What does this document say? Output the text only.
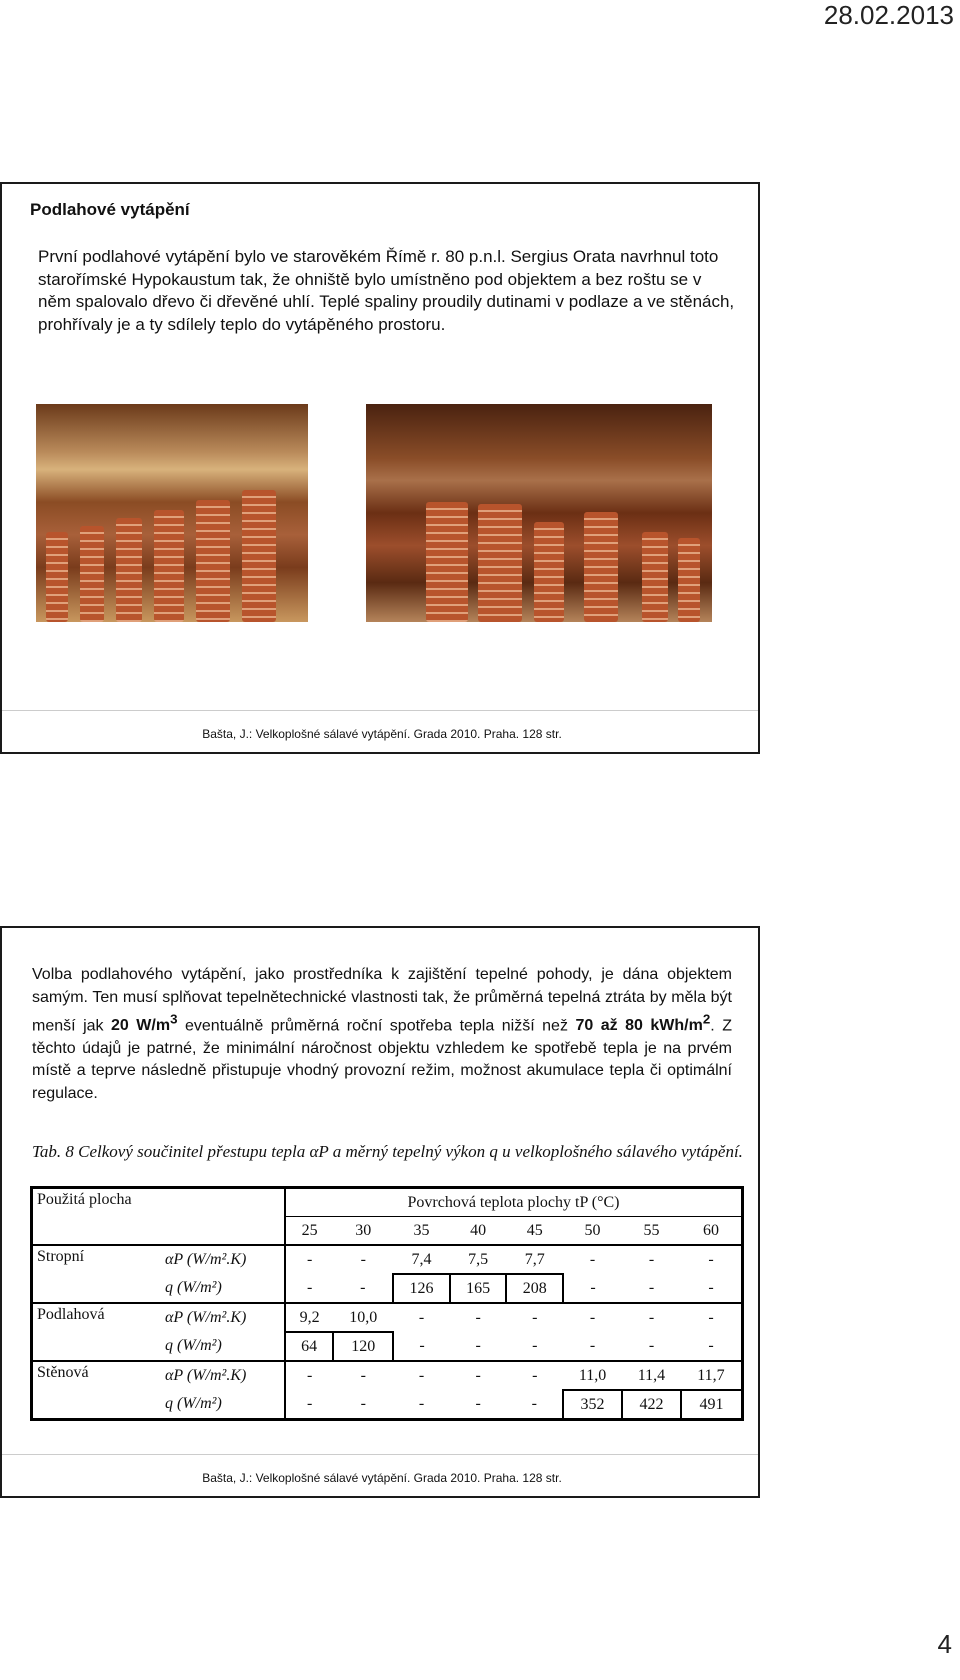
28.02.2013
Podlahové vytápění
První podlahové vytápění bylo ve starověkém Římě r. 80 p.n.l. Sergius Orata navrhnul toto starořímské Hypokaustum tak, že ohniště bylo umístněno pod objektem a bez roštu se v něm spalovalo dřevo či dřevěné uhlí. Teplé spaliny proudily dutinami v podlaze a ve stěnách, prohřívaly je a ty sdílely teplo do vytápěného prostoru.
Bašta, J.: Velkoplošné sálavé vytápění. Grada 2010. Praha. 128 str.
Volba podlahového vytápění, jako prostředníka k zajištění tepelné pohody, je dána objektem samým. Ten musí splňovat tepelnětechnické vlastnosti tak, že průměrná tepelná ztráta by měla být menší jak 20 $W/m^3$ eventuálně průměrná roční spotřeba tepla nižší než 70 až 80 kWh/$m^2$. Z těchto údajů je patrné, že minimální náročnost objektu vzhledem ke spotřebě tepla je na prvém místě a teprve následně přistupuje vhodný provozní režim, možnost akumulace tepla či optimální regulace.
Tab. 8 Celkový součinitel přestupu tepla αP a měrný tepelný výkon q u velkoplošného sálavého vytápění.
Použitá plocha		Povrchová teplota plochy tP (°C)							
		25	30	35	40	45	50	55	60
Stropní	αP (W/m².K)	-	-	7,4	7,5	7,7	-	-	-
	q (W/m²)	-	-	126	165	208	-	-	-
Podlahová	αP (W/m².K)	9,2	10,0	-	-	-	-	-	-
	q (W/m²)	64	120	-	-	-	-	-	-
Stěnová	αP (W/m².K)	-	-	-	-	-	11,0	11,4	11,7
	q (W/m²)	-	-	-	-	-	352	422	491
Bašta, J.: Velkoplošné sálavé vytápění. Grada 2010. Praha. 128 str.
4
